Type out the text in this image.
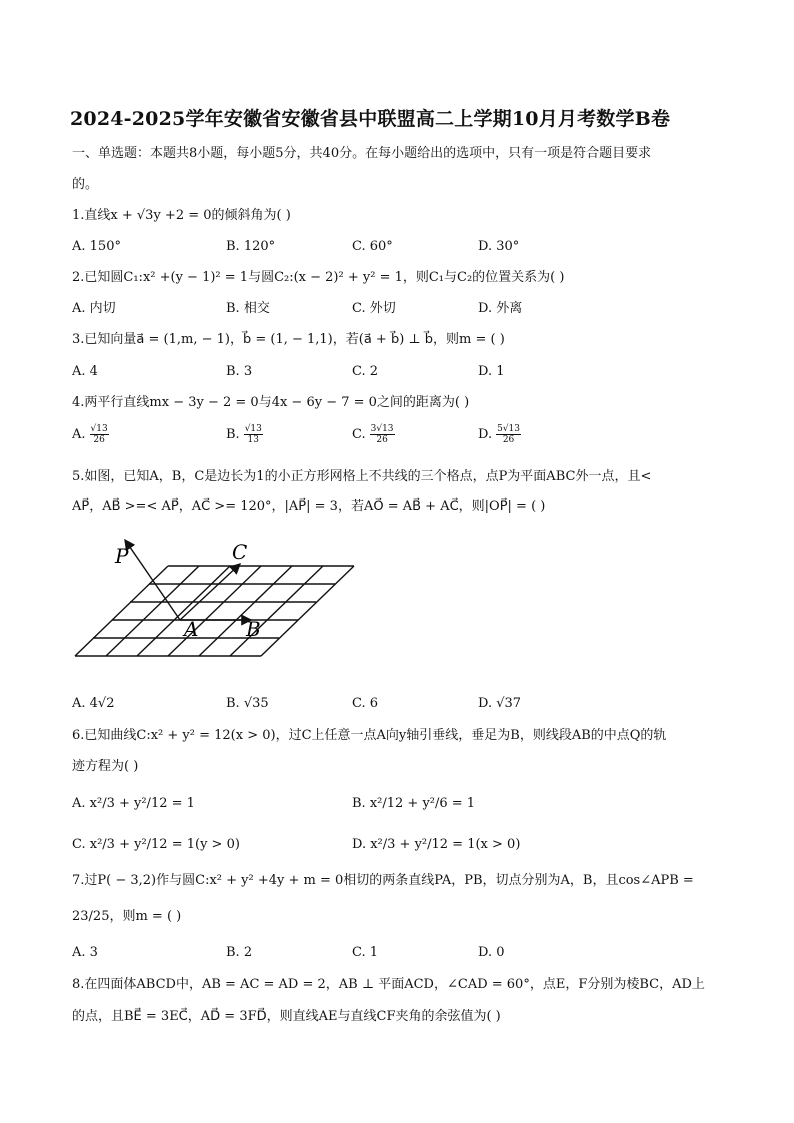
2024-2025学年安徽省安徽省县中联盟高二上学期10月月考数学B卷
一、单选题：本题共8小题，每小题5分，共40分。在每小题给出的选项中，只有一项是符合题目要求
的。
1.直线x + √3y +2 = 0的倾斜角为( )
A. 150°	B. 120°	C. 60°	D. 30°
2.已知圆C₁:x² +(y − 1)² = 1与圆C₂:(x − 2)² + y² = 1，则C₁与C₂的位置关系为( )
A. 内切	B. 相交	C. 外切	D. 外离
3.已知向量a⃗ = (1,m, − 1)，b⃗ = (1, − 1,1)，若(a⃗ + b⃗) ⊥ b⃗，则m = ( )
A. 4	B. 3	C. 2	D. 1
4.两平行直线mx − 3y − 2 = 0与4x − 6y − 7 = 0之间的距离为( )
A. $\frac{√13}{26}$	B. $\frac{√13}{13}$	C. $\frac{3√13}{26}$	D. $\frac{5√13}{26}$
5.如图，已知A，B，C是边长为1的小正方形网格上不共线的三个格点，点P为平面ABC外一点，且<
AP⃗，AB⃗ >=< AP⃗，AC⃗ >= 120°，|AP⃗| = 3，若AO⃗ = AB⃗ + AC⃗，则|OP⃗| = ( )
P	C
A B
A. 4√2	B. √35	C. 6	D. √37
6.已知曲线C:x² + y² = 12(x > 0)，过C上任意一点A向y轴引垂线，垂足为B，则线段AB的中点Q的轨
迹方程为( )
A. x²/3 + y²/12 = 1	B. x²/12 + y²/6 = 1
C. x²/3 + y²/12 = 1(y > 0)	D. x²/3 + y²/12 = 1(x > 0)
7.过P( − 3,2)作与圆C:x² + y² +4y + m = 0相切的两条直线PA，PB，切点分别为A，B，且cos∠APB =
23/25，则m = ( )
A. 3	B. 2	C. 1	D. 0
8.在四面体ABCD中，AB = AC = AD = 2，AB ⊥ 平面ACD，∠CAD = 60°，点E，F分别为棱BC，AD上
的点，且BE⃗ = 3EC⃗，AD⃗ = 3FD⃗，则直线AE与直线CF夹角的余弦值为( )
